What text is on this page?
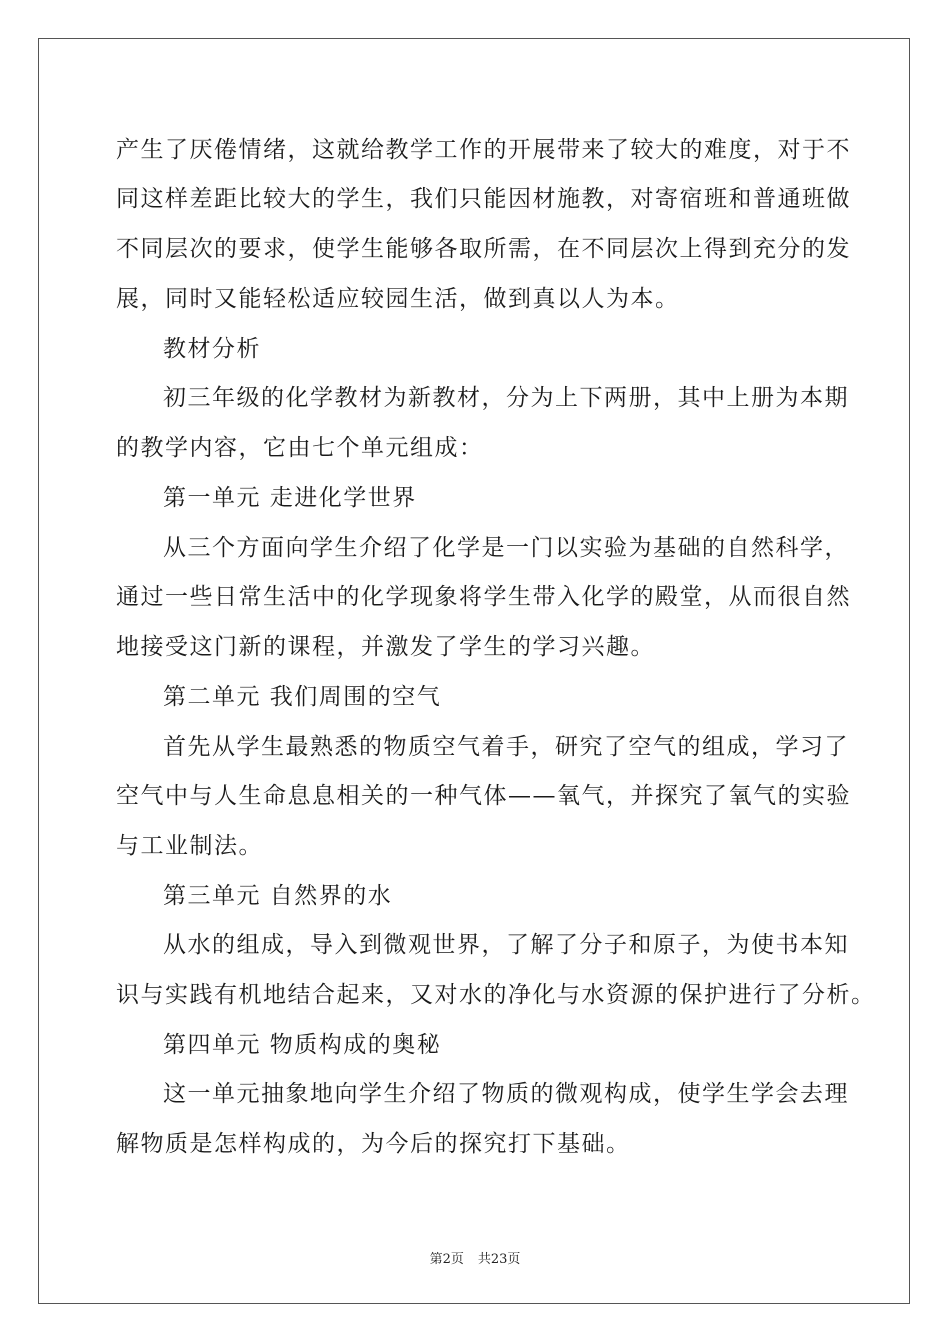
产生了厌倦情绪，这就给教学工作的开展带来了较大的难度，对于不
同这样差距比较大的学生，我们只能因材施教，对寄宿班和普通班做
不同层次的要求，使学生能够各取所需，在不同层次上得到充分的发
展，同时又能轻松适应较园生活，做到真以人为本。
教材分析
初三年级的化学教材为新教材，分为上下两册，其中上册为本期
的教学内容，它由七个单元组成：
第一单元 走进化学世界
从三个方面向学生介绍了化学是一门以实验为基础的自然科学，
通过一些日常生活中的化学现象将学生带入化学的殿堂，从而很自然
地接受这门新的课程，并激发了学生的学习兴趣。
第二单元 我们周围的空气
首先从学生最熟悉的物质空气着手，研究了空气的组成，学习了
空气中与人生命息息相关的一种气体——氧气，并探究了氧气的实验
与工业制法。
第三单元 自然界的水
从水的组成，导入到微观世界，了解了分子和原子，为使书本知
识与实践有机地结合起来，又对水的净化与水资源的保护进行了分析。
第四单元 物质构成的奥秘
这一单元抽象地向学生介绍了物质的微观构成，使学生学会去理
解物质是怎样构成的，为今后的探究打下基础。
第2页 共23页
